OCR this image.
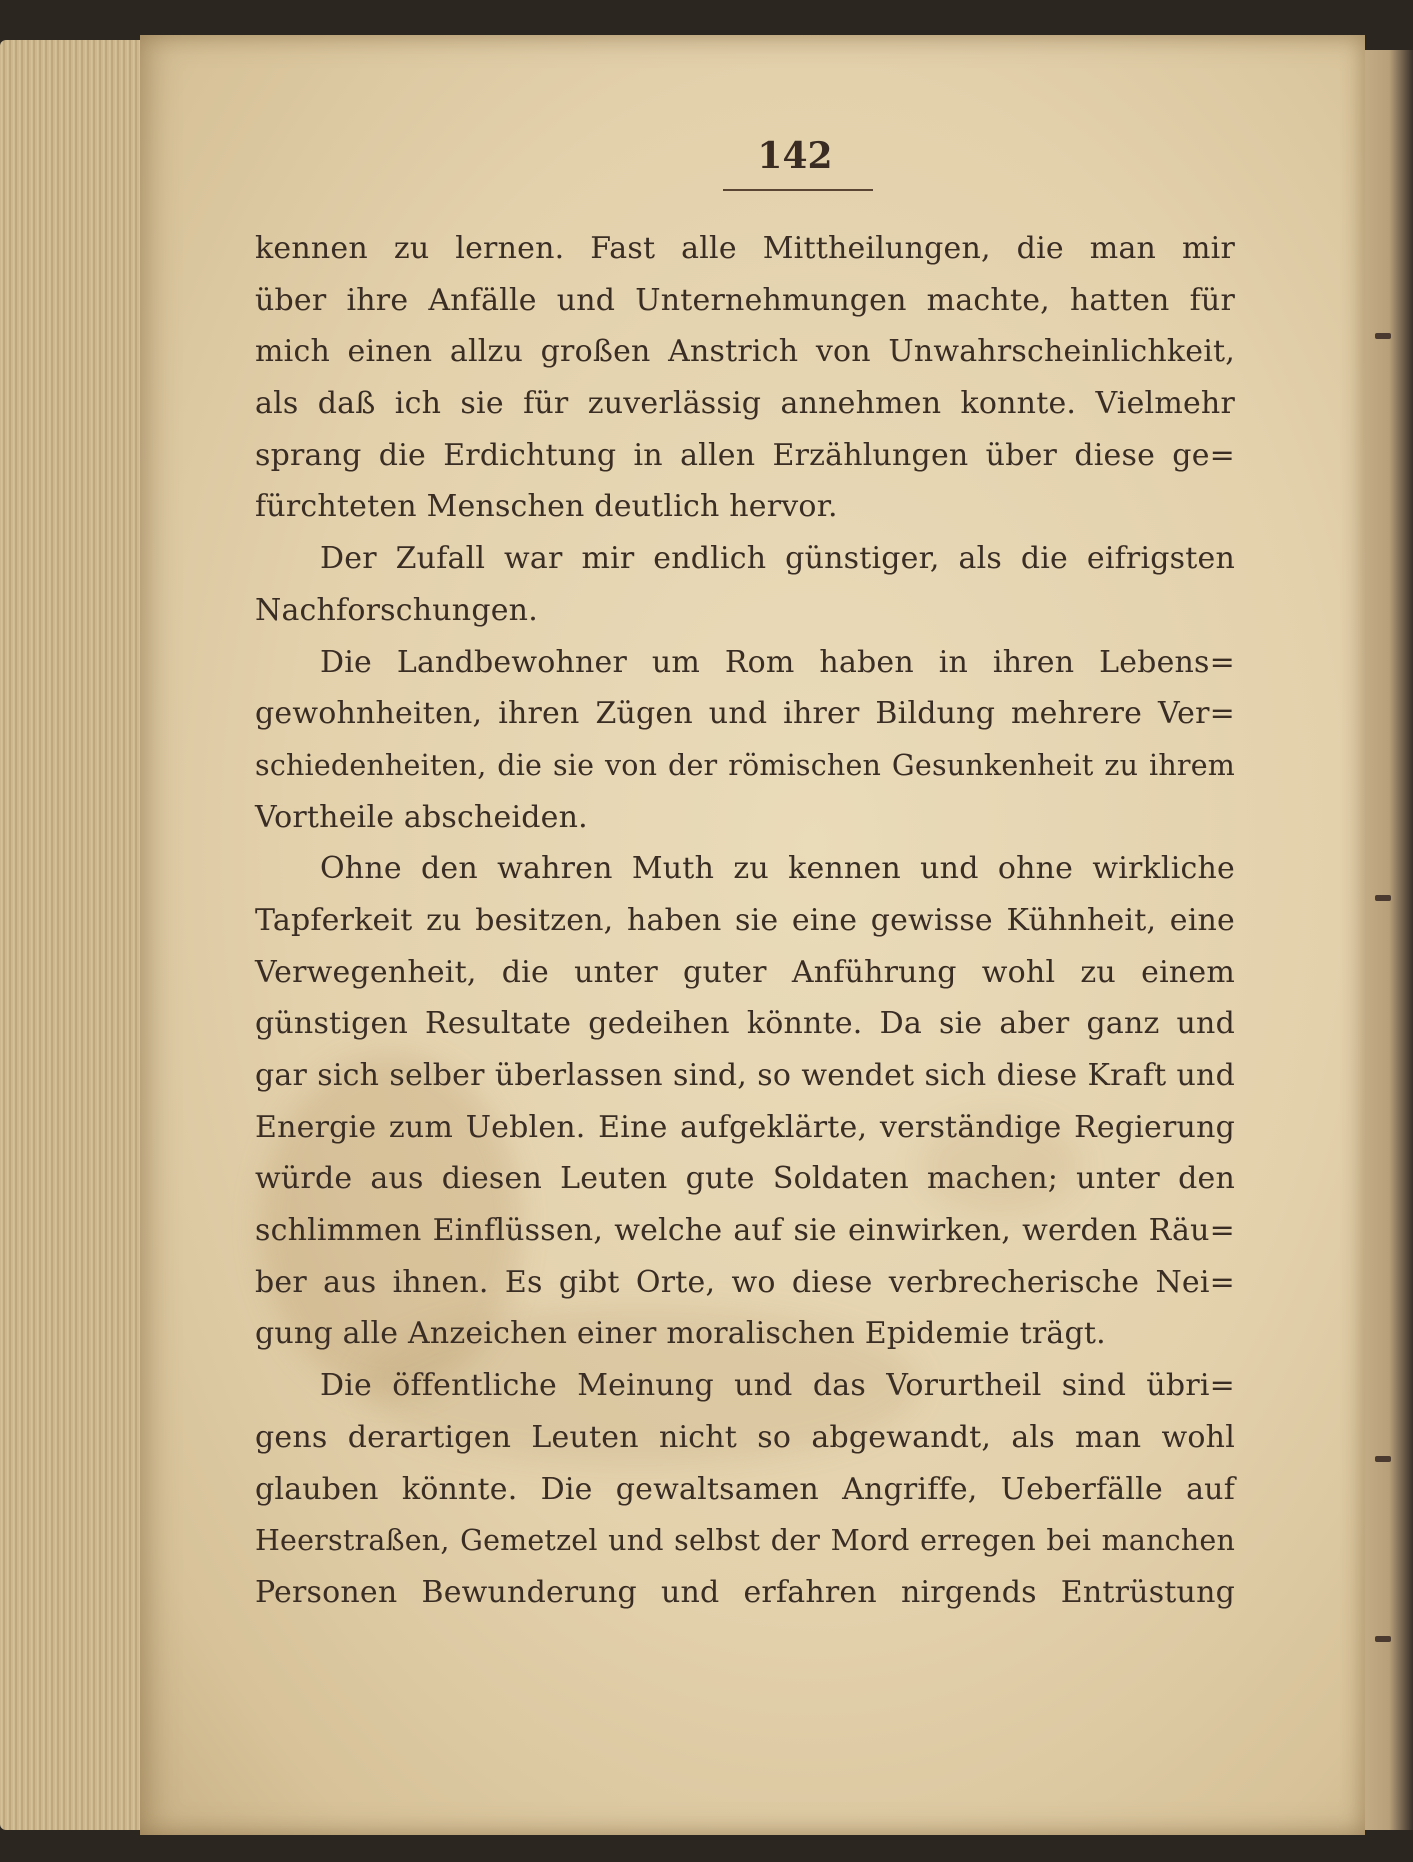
142
kennen zu lernen. Fast alle Mittheilungen, die man mir
über ihre Anfälle und Unternehmungen machte, hatten für
mich einen allzu großen Anstrich von Unwahrscheinlichkeit,
als daß ich sie für zuverlässig annehmen konnte. Vielmehr
sprang die Erdichtung in allen Erzählungen über diese ge=
fürchteten Menschen deutlich hervor.
Der Zufall war mir endlich günstiger, als die eifrigsten
Nachforschungen.
Die Landbewohner um Rom haben in ihren Lebens=
gewohnheiten, ihren Zügen und ihrer Bildung mehrere Ver=
schiedenheiten, die sie von der römischen Gesunkenheit zu ihrem
Vortheile abscheiden.
Ohne den wahren Muth zu kennen und ohne wirkliche
Tapferkeit zu besitzen, haben sie eine gewisse Kühnheit, eine
Verwegenheit, die unter guter Anführung wohl zu einem
günstigen Resultate gedeihen könnte. Da sie aber ganz und
gar sich selber überlassen sind, so wendet sich diese Kraft und
Energie zum Ueblen. Eine aufgeklärte, verständige Regierung
würde aus diesen Leuten gute Soldaten machen; unter den
schlimmen Einflüssen, welche auf sie einwirken, werden Räu=
ber aus ihnen. Es gibt Orte, wo diese verbrecherische Nei=
gung alle Anzeichen einer moralischen Epidemie trägt.
Die öffentliche Meinung und das Vorurtheil sind übri=
gens derartigen Leuten nicht so abgewandt, als man wohl
glauben könnte. Die gewaltsamen Angriffe, Ueberfälle auf
Heerstraßen, Gemetzel und selbst der Mord erregen bei manchen
Personen Bewunderung und erfahren nirgends Entrüstung
